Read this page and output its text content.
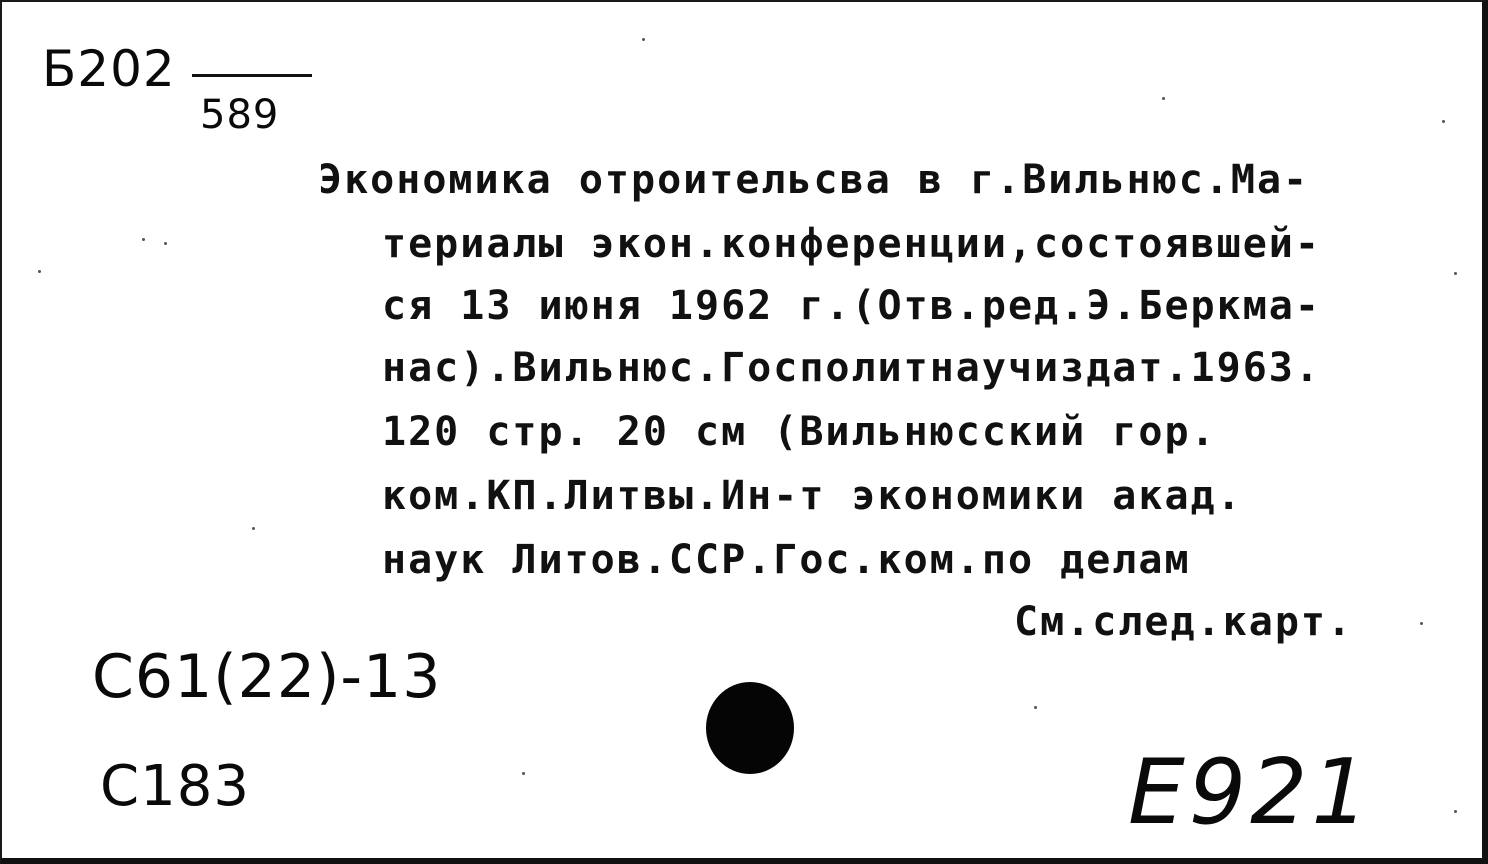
Б202
589
Экономика отроительсва в г.Вильнюс.Ма-
териалы экон.конференции,состоявшей-
ся 13 июня 1962 г.(Отв.ред.Э.Беркма-
нас).Вильнюс.Госполитнаучиздат.1963.
120 стр. 20 см (Вильнюсский гор.
ком.КП.Литвы.Ин-т экономики акад.
наук Литов.ССР.Гос.ком.по делам
См.след.карт.
С61(22)-13
С183	Е921
